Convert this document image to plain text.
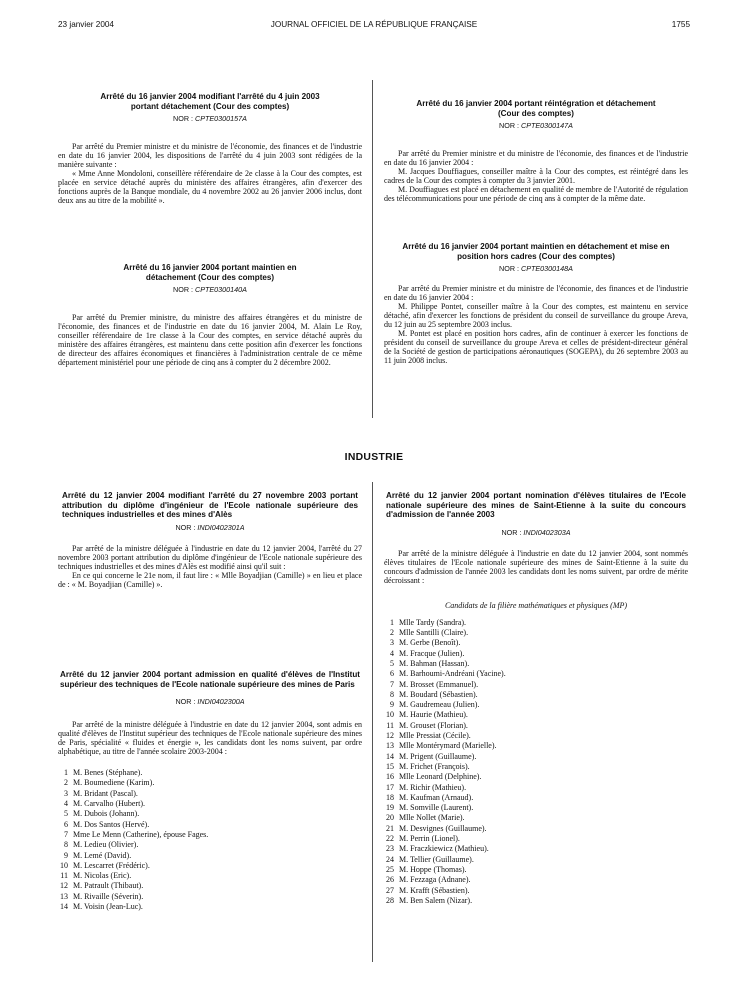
23 janvier 2004	JOURNAL OFFICIEL DE LA RÉPUBLIQUE FRANÇAISE	1755
Arrêté du 16 janvier 2004 modifiant l'arrêté du 4 juin 2003 portant détachement (Cour des comptes)
NOR : CPTE0300157A
Par arrêté du Premier ministre et du ministre de l'économie, des finances et de l'industrie en date du 16 janvier 2004, les dispositions de l'arrêté du 4 juin 2003 sont rédigées de la manière suivante :
« Mme Anne Mondoloni, conseillère référendaire de 2e classe à la Cour des comptes, est placée en service détaché auprès du ministère des affaires étrangères, afin d'exercer des fonctions auprès de la Banque mondiale, du 4 novembre 2002 au 26 janvier 2006 inclus, dont deux ans au titre de la mobilité ».
Arrêté du 16 janvier 2004 portant maintien en détachement (Cour des comptes)
NOR : CPTE0300140A
Par arrêté du Premier ministre, du ministre des affaires étrangères et du ministre de l'économie, des finances et de l'industrie en date du 16 janvier 2004, M. Alain Le Roy, conseiller référendaire de 1re classe à la Cour des comptes, en service détaché auprès du ministère des affaires étrangères, est maintenu dans cette position afin d'exercer les fonctions de directeur des affaires économiques et financières à l'administration centrale de ce même département ministériel pour une période de cinq ans à compter du 2 décembre 2002.
Arrêté du 16 janvier 2004 portant réintégration et détachement (Cour des comptes)
NOR : CPTE0300147A
Par arrêté du Premier ministre et du ministre de l'économie, des finances et de l'industrie en date du 16 janvier 2004 :
M. Jacques Douffiagues, conseiller maître à la Cour des comptes, est réintégré dans les cadres de la Cour des comptes à compter du 3 janvier 2001.
M. Douffiagues est placé en détachement en qualité de membre de l'Autorité de régulation des télécommunications pour une période de cinq ans à compter de la même date.
Arrêté du 16 janvier 2004 portant maintien en détachement et mise en position hors cadres (Cour des comptes)
NOR : CPTE0300148A
Par arrêté du Premier ministre et du ministre de l'économie, des finances et de l'industrie en date du 16 janvier 2004 :
M. Philippe Pontet, conseiller maître à la Cour des comptes, est maintenu en service détaché, afin d'exercer les fonctions de président du conseil de surveillance du groupe Areva, du 12 juin au 25 septembre 2003 inclus.
M. Pontet est placé en position hors cadres, afin de continuer à exercer les fonctions de président du conseil de surveillance du groupe Areva et celles de président-directeur général de la Société de gestion de participations aéronautiques (SOGEPA), du 26 septembre 2003 au 11 juin 2008 inclus.
INDUSTRIE
Arrêté du 12 janvier 2004 modifiant l'arrêté du 27 novembre 2003 portant attribution du diplôme d'ingénieur de l'Ecole nationale supérieure des techniques industrielles et des mines d'Alès
NOR : INDI0402301A
Par arrêté de la ministre déléguée à l'industrie en date du 12 janvier 2004, l'arrêté du 27 novembre 2003 portant attribution du diplôme d'ingénieur de l'Ecole nationale supérieure des techniques industrielles et des mines d'Alès est modifié ainsi qu'il suit :
En ce qui concerne le 21e nom, il faut lire : « Mlle Boyadjian (Camille) » en lieu et place de : « M. Boyadjian (Camille) ».
Arrêté du 12 janvier 2004 portant admission en qualité d'élèves de l'Institut supérieur des techniques de l'Ecole nationale supérieure des mines de Paris
NOR : INDI0402300A
Par arrêté de la ministre déléguée à l'industrie en date du 12 janvier 2004, sont admis en qualité d'élèves de l'Institut supérieur des techniques de l'Ecole nationale supérieure des mines de Paris, spécialité « fluides et énergie », les candidats dont les noms suivent, par ordre alphabétique, au titre de l'année scolaire 2003-2004 :
1 M. Benes (Stéphane).
2 M. Boumediene (Karim).
3 M. Bridant (Pascal).
4 M. Carvalho (Hubert).
5 M. Dubois (Johann).
6 M. Dos Santos (Hervé).
7 Mme Le Menn (Catherine), épouse Fages.
8 M. Ledieu (Olivier).
9 M. Lemé (David).
10 M. Lescarret (Frédéric).
11 M. Nicolas (Eric).
12 M. Patrault (Thibaut).
13 M. Rivaille (Séverin).
14 M. Voisin (Jean-Luc).
Arrêté du 12 janvier 2004 portant nomination d'élèves titulaires de l'Ecole nationale supérieure des mines de Saint-Etienne à la suite du concours d'admission de l'année 2003
NOR : INDI0402303A
Par arrêté de la ministre déléguée à l'industrie en date du 12 janvier 2004, sont nommés élèves titulaires de l'Ecole nationale supérieure des mines de Saint-Etienne à la suite du concours d'admission de l'année 2003 les candidats dont les noms suivent, par ordre de mérite décroissant :
Candidats de la filière mathématiques et physiques (MP)
1 Mlle Tardy (Sandra).
2 Mlle Santilli (Claire).
3 M. Gerbe (Benoît).
4 M. Fracque (Julien).
5 M. Bahman (Hassan).
6 M. Barhoumi-Andréani (Yacine).
7 M. Brosset (Emmanuel).
8 M. Boudard (Sébastien).
9 M. Gaudremeau (Julien).
10 M. Haurie (Mathieu).
11 M. Grouset (Florian).
12 Mlle Pressiat (Cécile).
13 Mlle Montérymard (Marielle).
14 M. Prigent (Guillaume).
15 M. Frichet (François).
16 Mlle Leonard (Delphine).
17 M. Richir (Mathieu).
18 M. Kaufman (Arnaud).
19 M. Somville (Laurent).
20 Mlle Nollet (Marie).
21 M. Desvignes (Guillaume).
22 M. Perrin (Lionel).
23 M. Fraczkiewicz (Mathieu).
24 M. Tellier (Guillaume).
25 M. Hoppe (Thomas).
26 M. Fezzaga (Adnane).
27 M. Krafft (Sébastien).
28 M. Ben Salem (Nizar).
